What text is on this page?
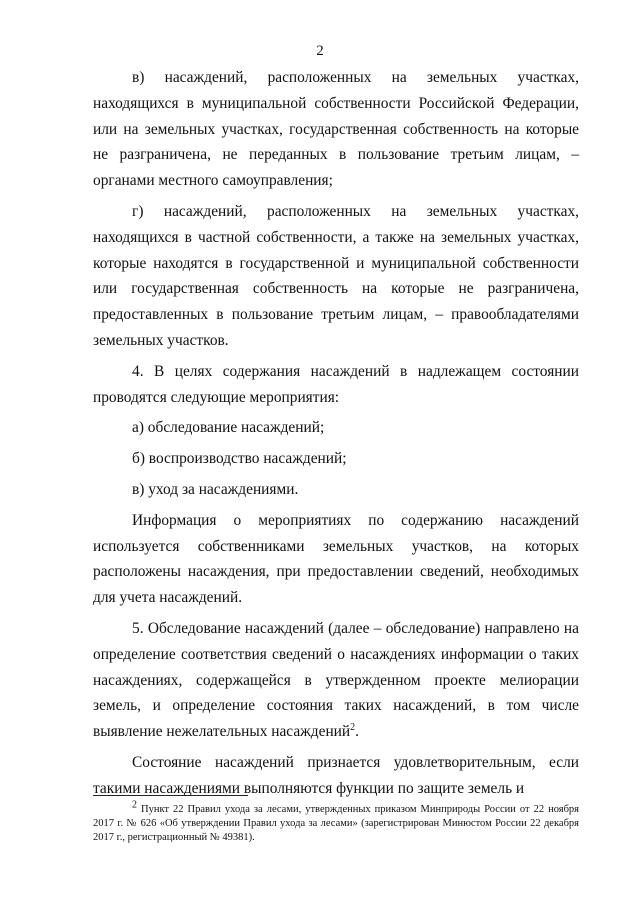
2

в) насаждений, расположенных на земельных участках, находящихся в муниципальной собственности Российской Федерации, или на земельных участках, государственная собственность на которые не разграничена, не переданных в пользование третьим лицам, – органами местного самоуправления;

г) насаждений, расположенных на земельных участках, находящихся в частной собственности, а также на земельных участках, которые находятся в государственной и муниципальной собственности или государственная собственность на которые не разграничена, предоставленных в пользование третьим лицам, – правообладателями земельных участков.

4. В целях содержания насаждений в надлежащем состоянии проводятся следующие мероприятия:

а) обследование насаждений;

б) воспроизводство насаждений;

в) уход за насаждениями.

Информация о мероприятиях по содержанию насаждений используется собственниками земельных участков, на которых расположены насаждения, при предоставлении сведений, необходимых для учета насаждений.

5. Обследование насаждений (далее – обследование) направлено на определение соответствия сведений о насаждениях информации о таких насаждениях, содержащейся в утвержденном проекте мелиорации земель, и определение состояния таких насаждений, в том числе выявление нежелательных насаждений$^2$.

Состояние насаждений признается удовлетворительным, если такими насаждениями выполняются функции по защите земель и

$^2$ Пункт 22 Правил ухода за лесами, утвержденных приказом Минприроды России от 22 ноября 2017 г. № 626 «Об утверждении Правил ухода за лесами» (зарегистрирован Минюстом России 22 декабря 2017 г., регистрационный № 49381).
